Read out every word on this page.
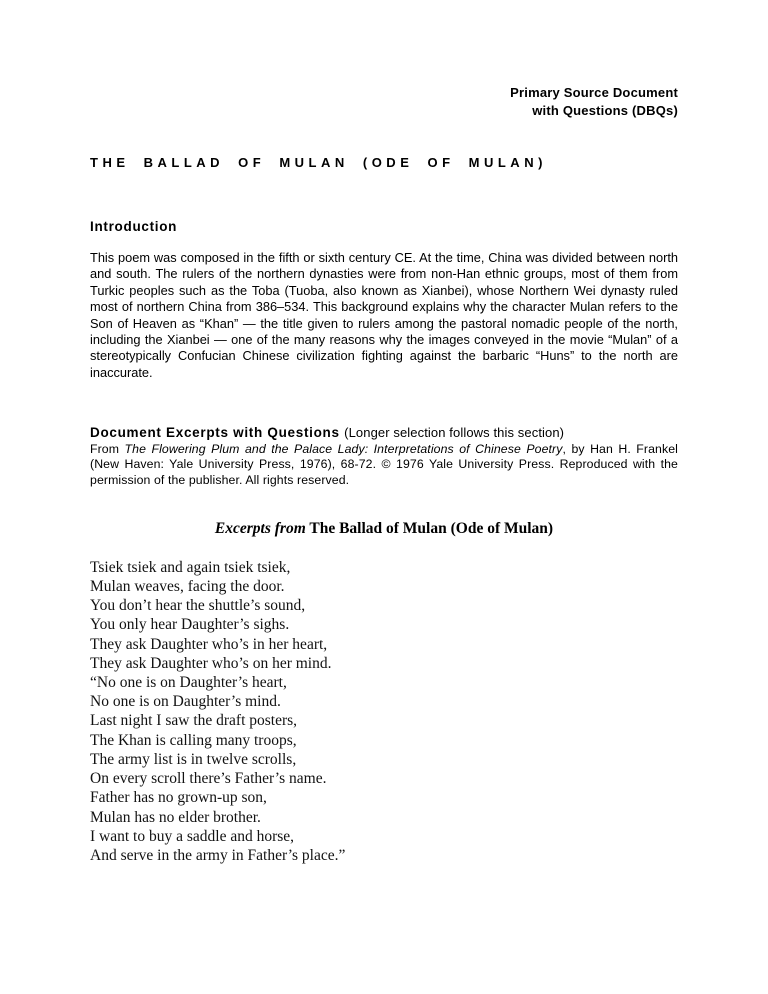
Primary Source Document
with Questions (DBQs)
THE BALLAD OF MULAN (ODE OF MULAN)
Introduction

This poem was composed in the fifth or sixth century CE. At the time, China was divided between north and south. The rulers of the northern dynasties were from non-Han ethnic groups, most of them from Turkic peoples such as the Toba (Tuoba, also known as Xianbei), whose Northern Wei dynasty ruled most of northern China from 386–534. This background explains why the character Mulan refers to the Son of Heaven as “Khan” — the title given to rulers among the pastoral nomadic people of the north, including the Xianbei — one of the many reasons why the images conveyed in the movie “Mulan” of a stereotypically Confucian Chinese civilization fighting against the barbaric “Huns” to the north are inaccurate.

Document Excerpts with Questions (Longer selection follows this section)

From The Flowering Plum and the Palace Lady: Interpretations of Chinese Poetry, by Han H. Frankel (New Haven: Yale University Press, 1976), 68-72. © 1976 Yale University Press. Reproduced with the permission of the publisher. All rights reserved.

Excerpts from The Ballad of Mulan (Ode of Mulan)
Tsiek tsiek and again tsiek tsiek,
Mulan weaves, facing the door.
You don’t hear the shuttle’s sound,
You only hear Daughter’s sighs.
They ask Daughter who’s in her heart,
They ask Daughter who’s on her mind.
“No one is on Daughter’s heart,
No one is on Daughter’s mind.
Last night I saw the draft posters,
The Khan is calling many troops,
The army list is in twelve scrolls,
On every scroll there’s Father’s name.
Father has no grown-up son,
Mulan has no elder brother.
I want to buy a saddle and horse,
And serve in the army in Father’s place.”
